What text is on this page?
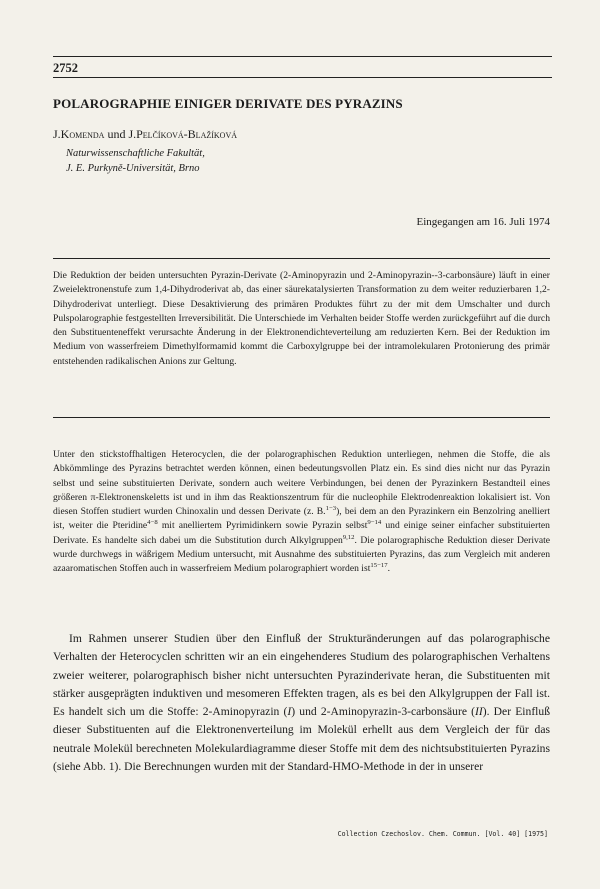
2752

POLAROGRAPHIE EINIGER DERIVATE DES PYRAZINS

J.Komenda und J.Pelčíková-Blažíková

Naturwissenschaftliche Fakultät,
J. E. Purkyně-Universität, Brno

Eingegangen am 16. Juli 1974

Die Reduktion der beiden untersuchten Pyrazin-Derivate (2-Aminopyrazin und 2-Aminopyrazin--3-carbonsäure) läuft in einer Zweielektronenstufe zum 1,4-Dihydroderivat ab, das einer säurekatalysierten Transformation zu dem weiter reduzierbaren 1,2-Dihydroderivat unterliegt. Diese Desaktivierung des primären Produktes führt zu der mit dem Umschalter und durch Pulspolarographie festgestellten Irreversibilität. Die Unterschiede im Verhalten beider Stoffe werden zurückgeführt auf die durch den Substituenteneffekt verursachte Änderung in der Elektronendichteverteilung am reduzierten Kern. Bei der Reduktion im Medium von wasserfreiem Dimethylformamid kommt die Carboxylgruppe bei der intramolekularen Protonierung des primär entstehenden radikalischen Anions zur Geltung.

Unter den stickstoffhaltigen Heterocyclen, die der polarographischen Reduktion unterliegen, nehmen die Stoffe, die als Abkömmlinge des Pyrazins betrachtet werden können, einen bedeutungsvollen Platz ein. Es sind dies nicht nur das Pyrazin selbst und seine substituierten Derivate, sondern auch weitere Verbindungen, bei denen der Pyrazinkern Bestandteil eines größeren π-Elektronenskeletts ist und in ihm das Reaktionszentrum für die nucleophile Elektrodenreaktion lokalisiert ist. Von diesen Stoffen studiert wurden Chinoxalin und dessen Derivate (z. B.$^{1-3}$), bei dem an den Pyrazinkern ein Benzolring anelliert ist, weiter die Pteridine$^{4-8}$ mit anelliertem Pyrimidinkern sowie Pyrazin selbst$^{9-14}$ und einige seiner einfacher substituierten Derivate. Es handelte sich dabei um die Substitution durch Alkylgruppen$^{9,12}$. Die polarographische Reduktion dieser Derivate wurde durchwegs in wäßrigem Medium untersucht, mit Ausnahme des substituierten Pyrazins, das zum Vergleich mit anderen azaaromatischen Stoffen auch in wasserfreiem Medium polarographiert worden ist$^{15-17}$.

Im Rahmen unserer Studien über den Einfluß der Strukturänderungen auf das polarographische Verhalten der Heterocyclen schritten wir an ein eingehenderes Studium des polarographischen Verhaltens zweier weiterer, polarographisch bisher nicht untersuchten Pyrazinderivate heran, die Substituenten mit stärker ausgeprägten induktiven und mesomeren Effekten tragen, als es bei den Alkylgruppen der Fall ist. Es handelt sich um die Stoffe: 2-Aminopyrazin (I) und 2-Aminopyrazin-3-carbonsäure (II). Der Einfluß dieser Substituenten auf die Elektronenverteilung im Molekül erhellt aus dem Vergleich der für das neutrale Molekül berechneten Molekulardiagramme dieser Stoffe mit dem des nichtsubstituierten Pyrazins (siehe Abb. 1). Die Berechnungen wurden mit der Standard-HMO-Methode in der in unserer

Collection Czechoslov. Chem. Commun. [Vol. 40] [1975]
